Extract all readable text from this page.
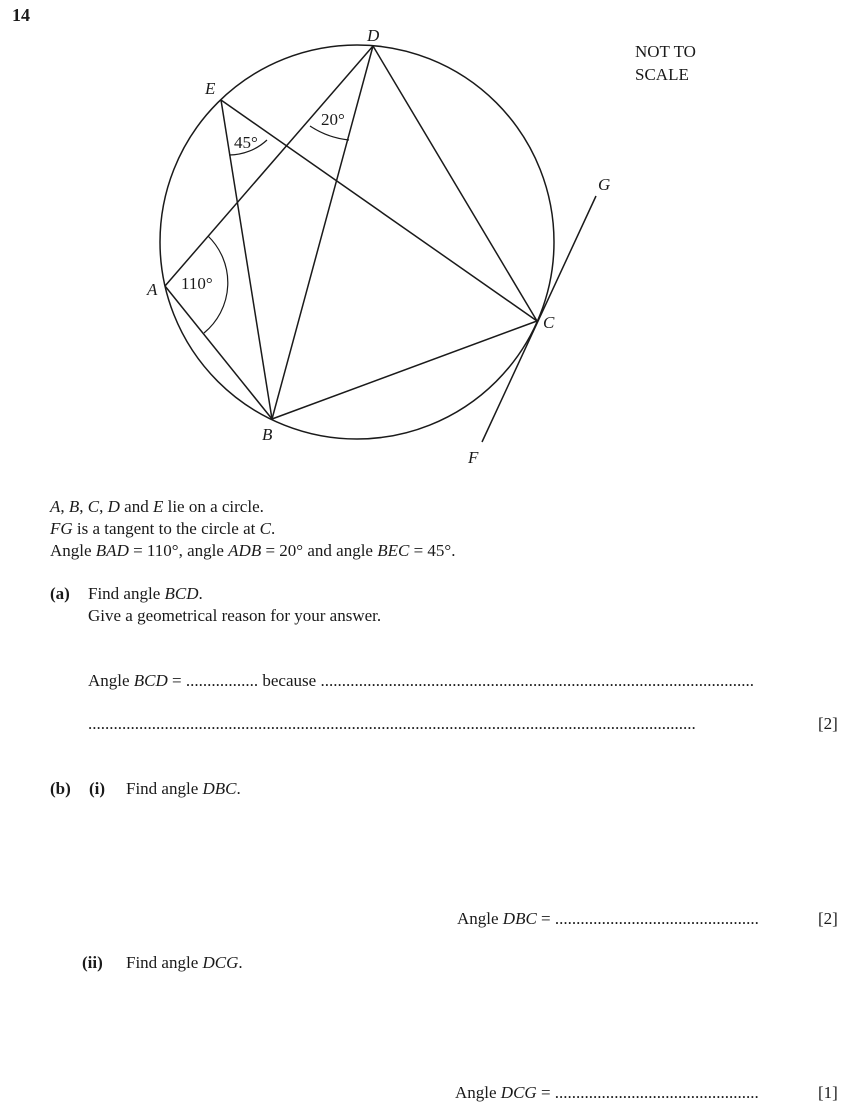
14
D
E
A
B
C
F
G
110°
45°
20°
NOT TO
SCALE
A, B, C, D and E lie on a circle.
FG is a tangent to the circle at C.
Angle BAD = 110°, angle ADB = 20° and angle BEC = 45°.
(a) Find angle BCD.
Give a geometrical reason for your answer.
Angle BCD = ................. because ......................................................................................................
...............................................................................................................................................	[2]
(b) (i) Find angle DBC.
Angle DBC = ................................................	[2]
(ii) Find angle DCG.
Angle DCG = ................................................	[1]
